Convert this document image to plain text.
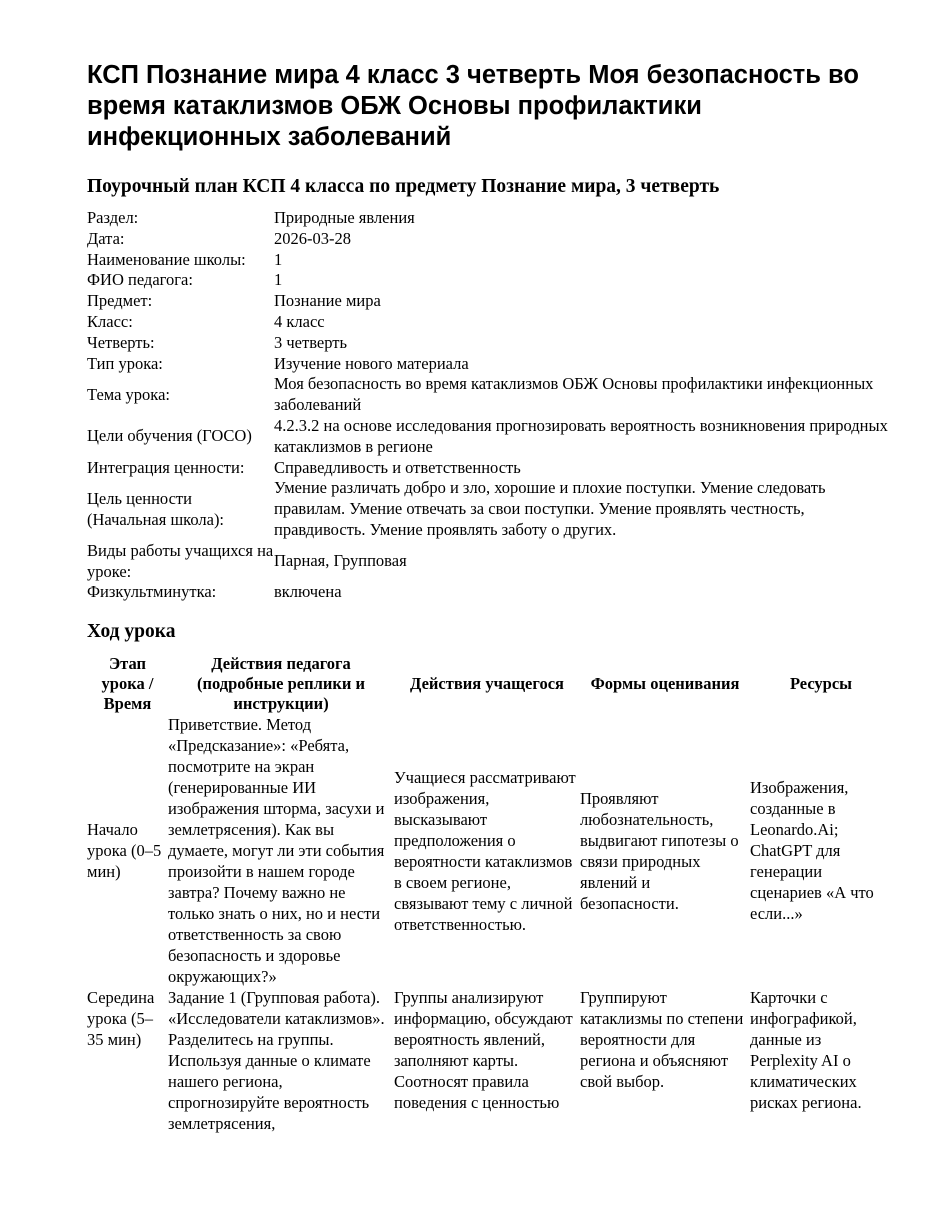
КСП Познание мира 4 класс 3 четверть Моя безопасность во время катаклизмов ОБЖ Основы профилактики инфекционных заболеваний
Поурочный план КСП 4 класса по предмету Познание мира, 3 четверть
Раздел:	Природные явления
Дата:	2026-03-28
Наименование школы:	1
ФИО педагога:	1
Предмет:	Познание мира
Класс:	4 класс
Четверть:	3 четверть
Тип урока:	Изучение нового материала
Тема урока:	Моя безопасность во время катаклизмов ОБЖ Основы профилактики инфекционных заболеваний
Цели обучения (ГОСО)	4.2.3.2 на основе исследования прогнозировать вероятность возникновения природных катаклизмов в регионе
Интеграция ценности:	Справедливость и ответственность
Цель ценности (Начальная школа):	Умение различать добро и зло, хорошие и плохие поступки. Умение следовать правилам. Умение отвечать за свои поступки. Умение проявлять честность, правдивость. Умение проявлять заботу о других.
Виды работы учащихся на уроке:	Парная, Групповая
Физкультминутка:	включена
Ход урока
Этап урока / Время	Действия педагога (подробные реплики и инструкции)	Действия учащегося	Формы оценивания	Ресурсы
Начало урока (0–5 мин)	Приветствие. Метод «Предсказание»: «Ребята, посмотрите на экран (генерированные ИИ изображения шторма, засухи и землетрясения). Как вы думаете, могут ли эти события произойти в нашем городе завтра? Почему важно не только знать о них, но и нести ответственность за свою безопасность и здоровье окружающих?»	Учащиеся рассматривают изображения, высказывают предположения о вероятности катаклизмов в своем регионе, связывают тему с личной ответственностью.	Проявляют любознательность, выдвигают гипотезы о связи природных явлений и безопасности.	Изображения, созданные в Leonardo.Ai; ChatGPT для генерации сценариев «А что если...»
Середина урока (5–35 мин)	Задание 1 (Групповая работа). «Исследователи катаклизмов». Разделитесь на группы. Используя данные о климате нашего региона, спрогнозируйте вероятность землетрясения,	Группы анализируют информацию, обсуждают вероятность явлений, заполняют карты. Соотносят правила поведения с ценностью	Группируют катаклизмы по степени вероятности для региона и объясняют свой выбор.	Карточки с инфографикой, данные из Perplexity AI о климатических рисках региона.
